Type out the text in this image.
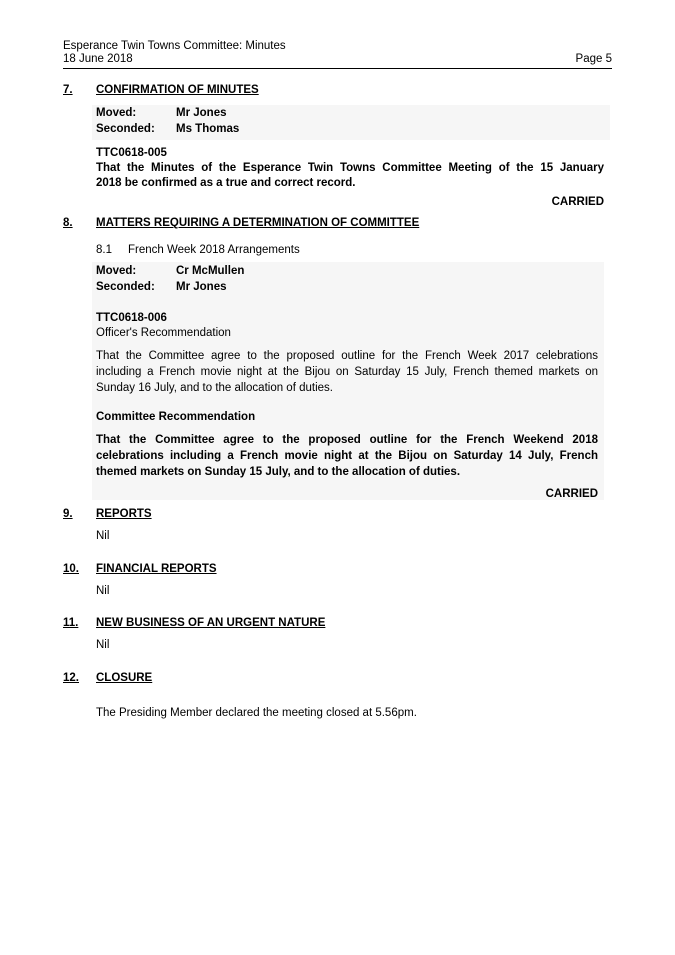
Esperance Twin Towns Committee: Minutes
18 June 2018	Page 5
7. CONFIRMATION OF MINUTES
Moved:	Mr Jones
Seconded:	Ms Thomas
TTC0618-005
That the Minutes of the Esperance Twin Towns Committee Meeting of the 15 January
2018 be confirmed as a true and correct record.
CARRIED
8. MATTERS REQUIRING A DETERMINATION OF COMMITTEE
8.1 French Week 2018 Arrangements
Moved:	Cr McMullen
Seconded:	Mr Jones
TTC0618-006
Officer's Recommendation
That the Committee agree to the proposed outline for the French Week 2017 celebrations
including a French movie night at the Bijou on Saturday 15 July, French themed markets on
Sunday 16 July, and to the allocation of duties.
Committee Recommendation
That the Committee agree to the proposed outline for the French Weekend 2018
celebrations including a French movie night at the Bijou on Saturday 14 July, French
themed markets on Sunday 15 July, and to the allocation of duties.
CARRIED
9. REPORTS
Nil
10. FINANCIAL REPORTS
Nil
11. NEW BUSINESS OF AN URGENT NATURE
Nil
12. CLOSURE
The Presiding Member declared the meeting closed at 5.56pm.
